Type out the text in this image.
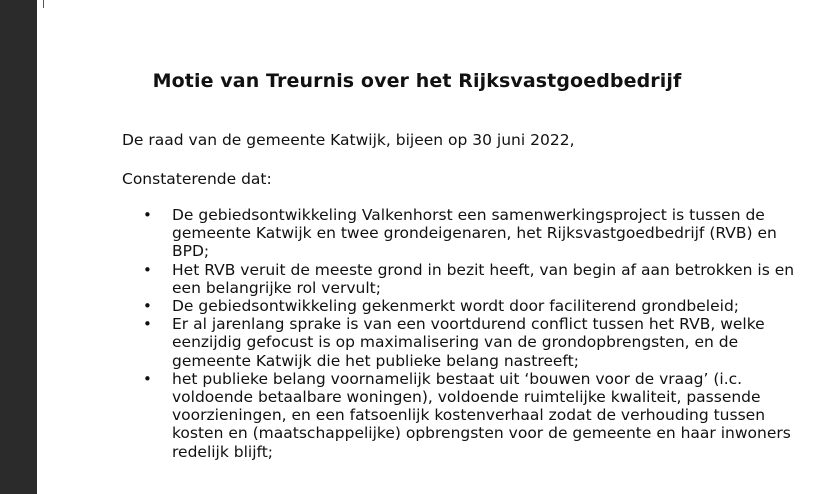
Motie van Treurnis over het Rijksvastgoedbedrijf
De raad van de gemeente Katwijk, bijeen op 30 juni 2022,
Constaterende dat:
• De gebiedsontwikkeling Valkenhorst een samenwerkingsproject is tussen de gemeente Katwijk en twee grondeigenaren, het Rijksvastgoedbedrijf (RVB) en BPD;
• Het RVB veruit de meeste grond in bezit heeft, van begin af aan betrokken is en een belangrijke rol vervult;
• De gebiedsontwikkeling gekenmerkt wordt door faciliterend grondbeleid;
• Er al jarenlang sprake is van een voortdurend conflict tussen het RVB, welke eenzijdig gefocust is op maximalisering van de grondopbrengsten, en de gemeente Katwijk die het publieke belang nastreeft;
• het publieke belang voornamelijk bestaat uit ‘bouwen voor de vraag’ (i.c. voldoende betaalbare woningen), voldoende ruimtelijke kwaliteit, passende voorzieningen, en een fatsoenlijk kostenverhaal zodat de verhouding tussen kosten en (maatschappelijke) opbrengsten voor de gemeente en haar inwoners redelijk blijft;
